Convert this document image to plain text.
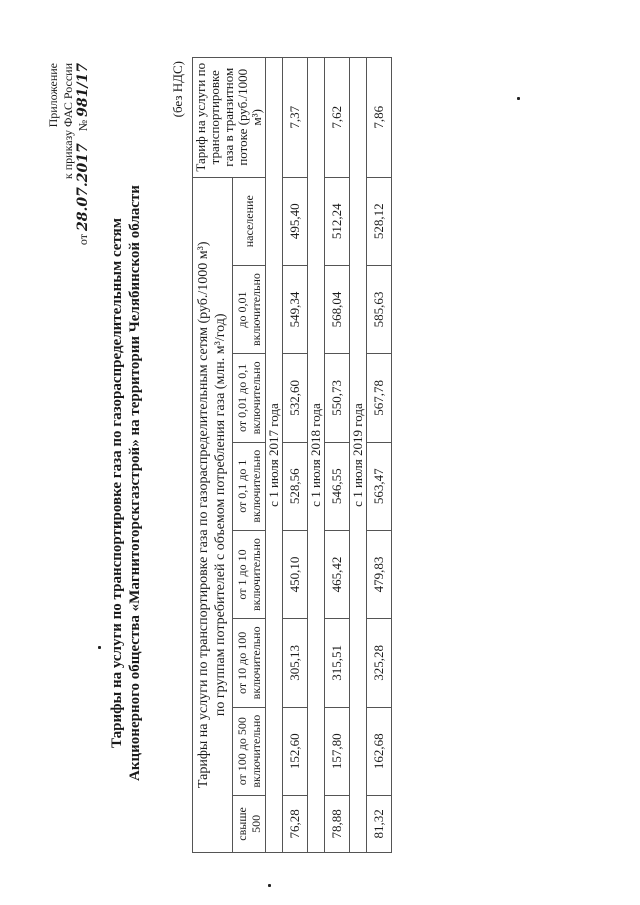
Приложение к приказу ФАС России
от 28.07.2017    № 981/17
Тарифы на услуги по транспортировке газа по газораспределительным сетям Акционерного общества «Магнитогорскгазстрой» на территории Челябинской области
(без НДС)
Тарифы на услуги по транспортировке газа по газораспределительным сетям (руб./1000 м³) по группам потребителей с объемом потребления газа (млн. м³/год)								Тариф на услуги по транспортировке газа в транзитном потоке (руб./1000 м³)
свыше 500	от 100 до 500 включительно	от 10 до 100 включительно	от 1 до 10 включительно	от 0,1 до 1 включительно	от 0,01 до 0,1 включительно	до 0,01 включительно	население	
с 1 июля 2017 года								
76,28	152,60	305,13	450,10	528,56	532,60	549,34	495,40	7,37
с 1 июля 2018 года								
78,88	157,80	315,51	465,42	546,55	550,73	568,04	512,24	7,62
с 1 июля 2019 года								
81,32	162,68	325,28	479,83	563,47	567,78	585,63	528,12	7,86
